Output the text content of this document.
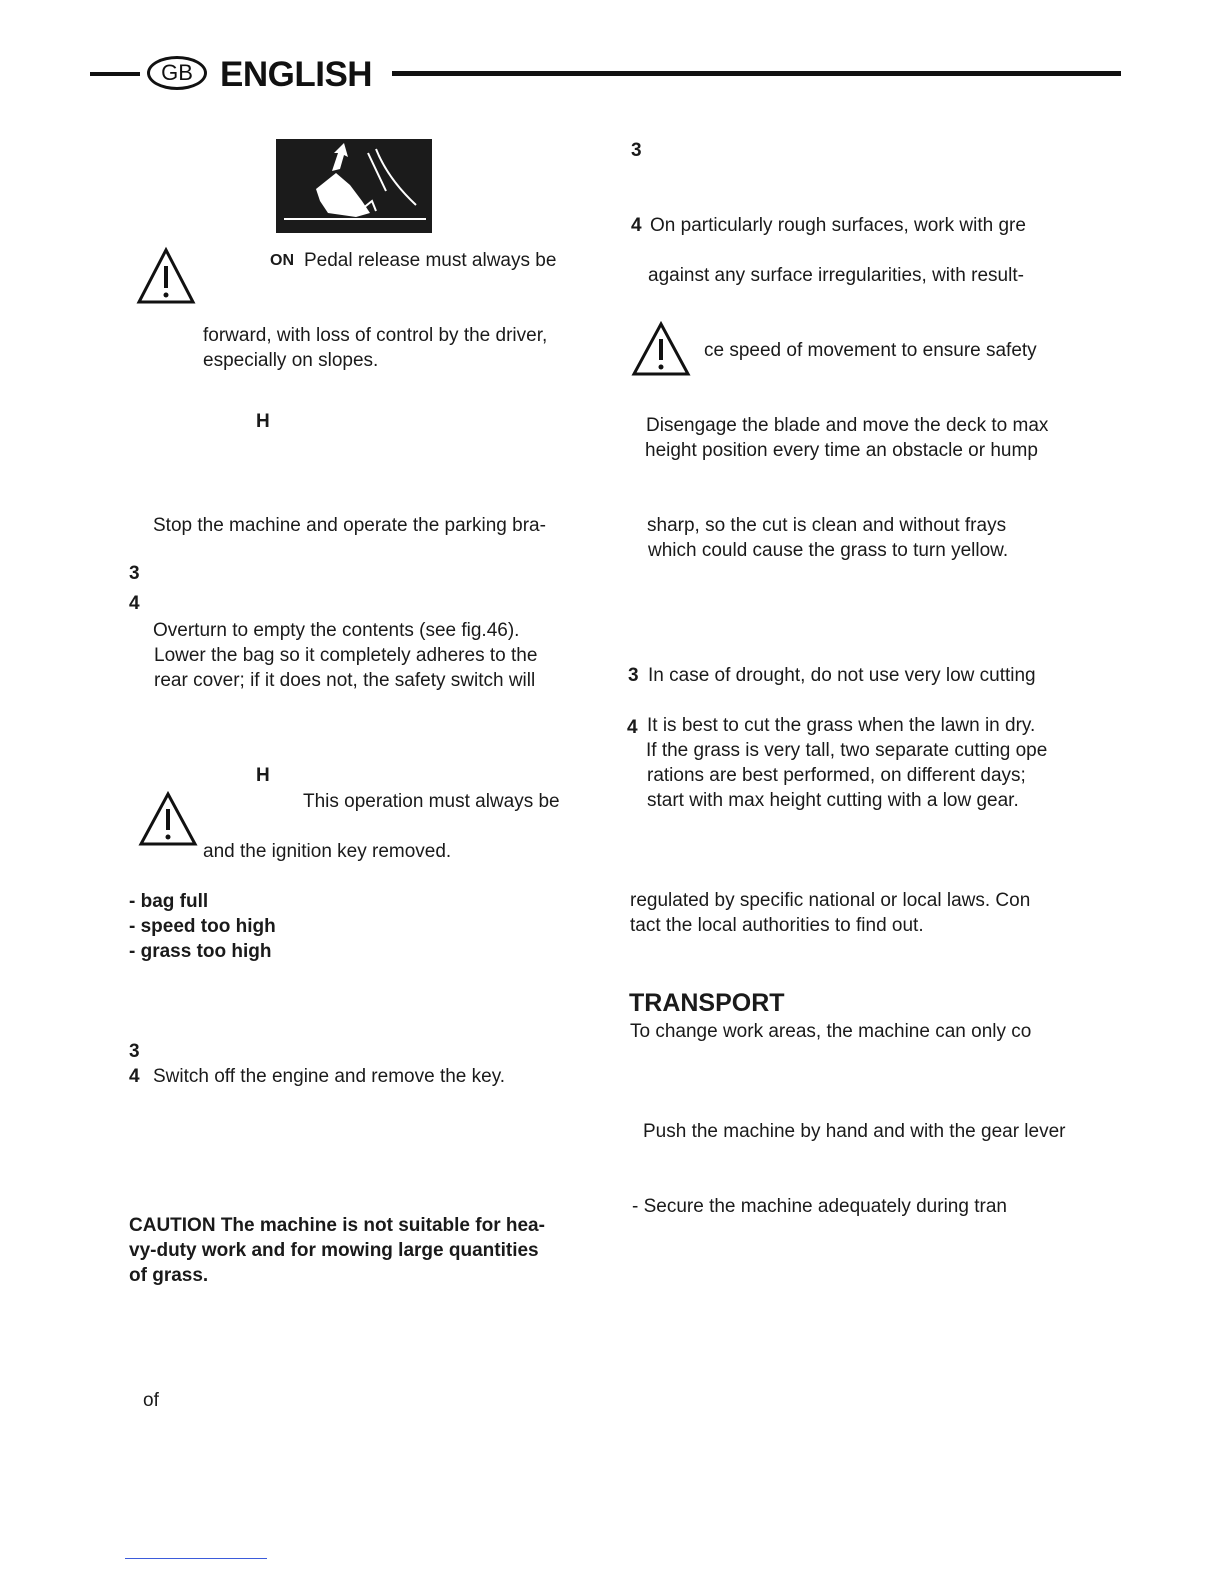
GB ENGLISH
ON Pedal release must always be
forward, with loss of control by the driver,
especially on slopes.
H
Stop the machine and operate the parking bra-
3
4
Overturn to empty the contents (see fig.46).
Lower the bag so it completely adheres to the
rear cover; if it does not, the safety switch will
H
This operation must always be
and the ignition key removed.
- bag full
- speed too high
- grass too high
3
4 Switch off the engine and remove the key.
CAUTION The machine is not suitable for hea-
vy-duty work and for mowing large quantities
of grass.
of
3
4 On particularly rough surfaces, work with gre
against any surface irregularities, with result-
ce speed of movement to ensure safety
Disengage the blade and move the deck to max
height position every time an obstacle or hump
sharp, so the cut is clean and without frays
which could cause the grass to turn yellow.
3 In case of drought, do not use very low cutting
4 It is best to cut the grass when the lawn in dry.
If the grass is very tall, two separate cutting ope
rations are best performed, on different days;
start with max height cutting with a low gear.
regulated by specific national or local laws. Con
tact the local authorities to find out.
TRANSPORT
To change work areas, the machine can only co
Push the machine by hand and with the gear lever
- Secure the machine adequately during tran
